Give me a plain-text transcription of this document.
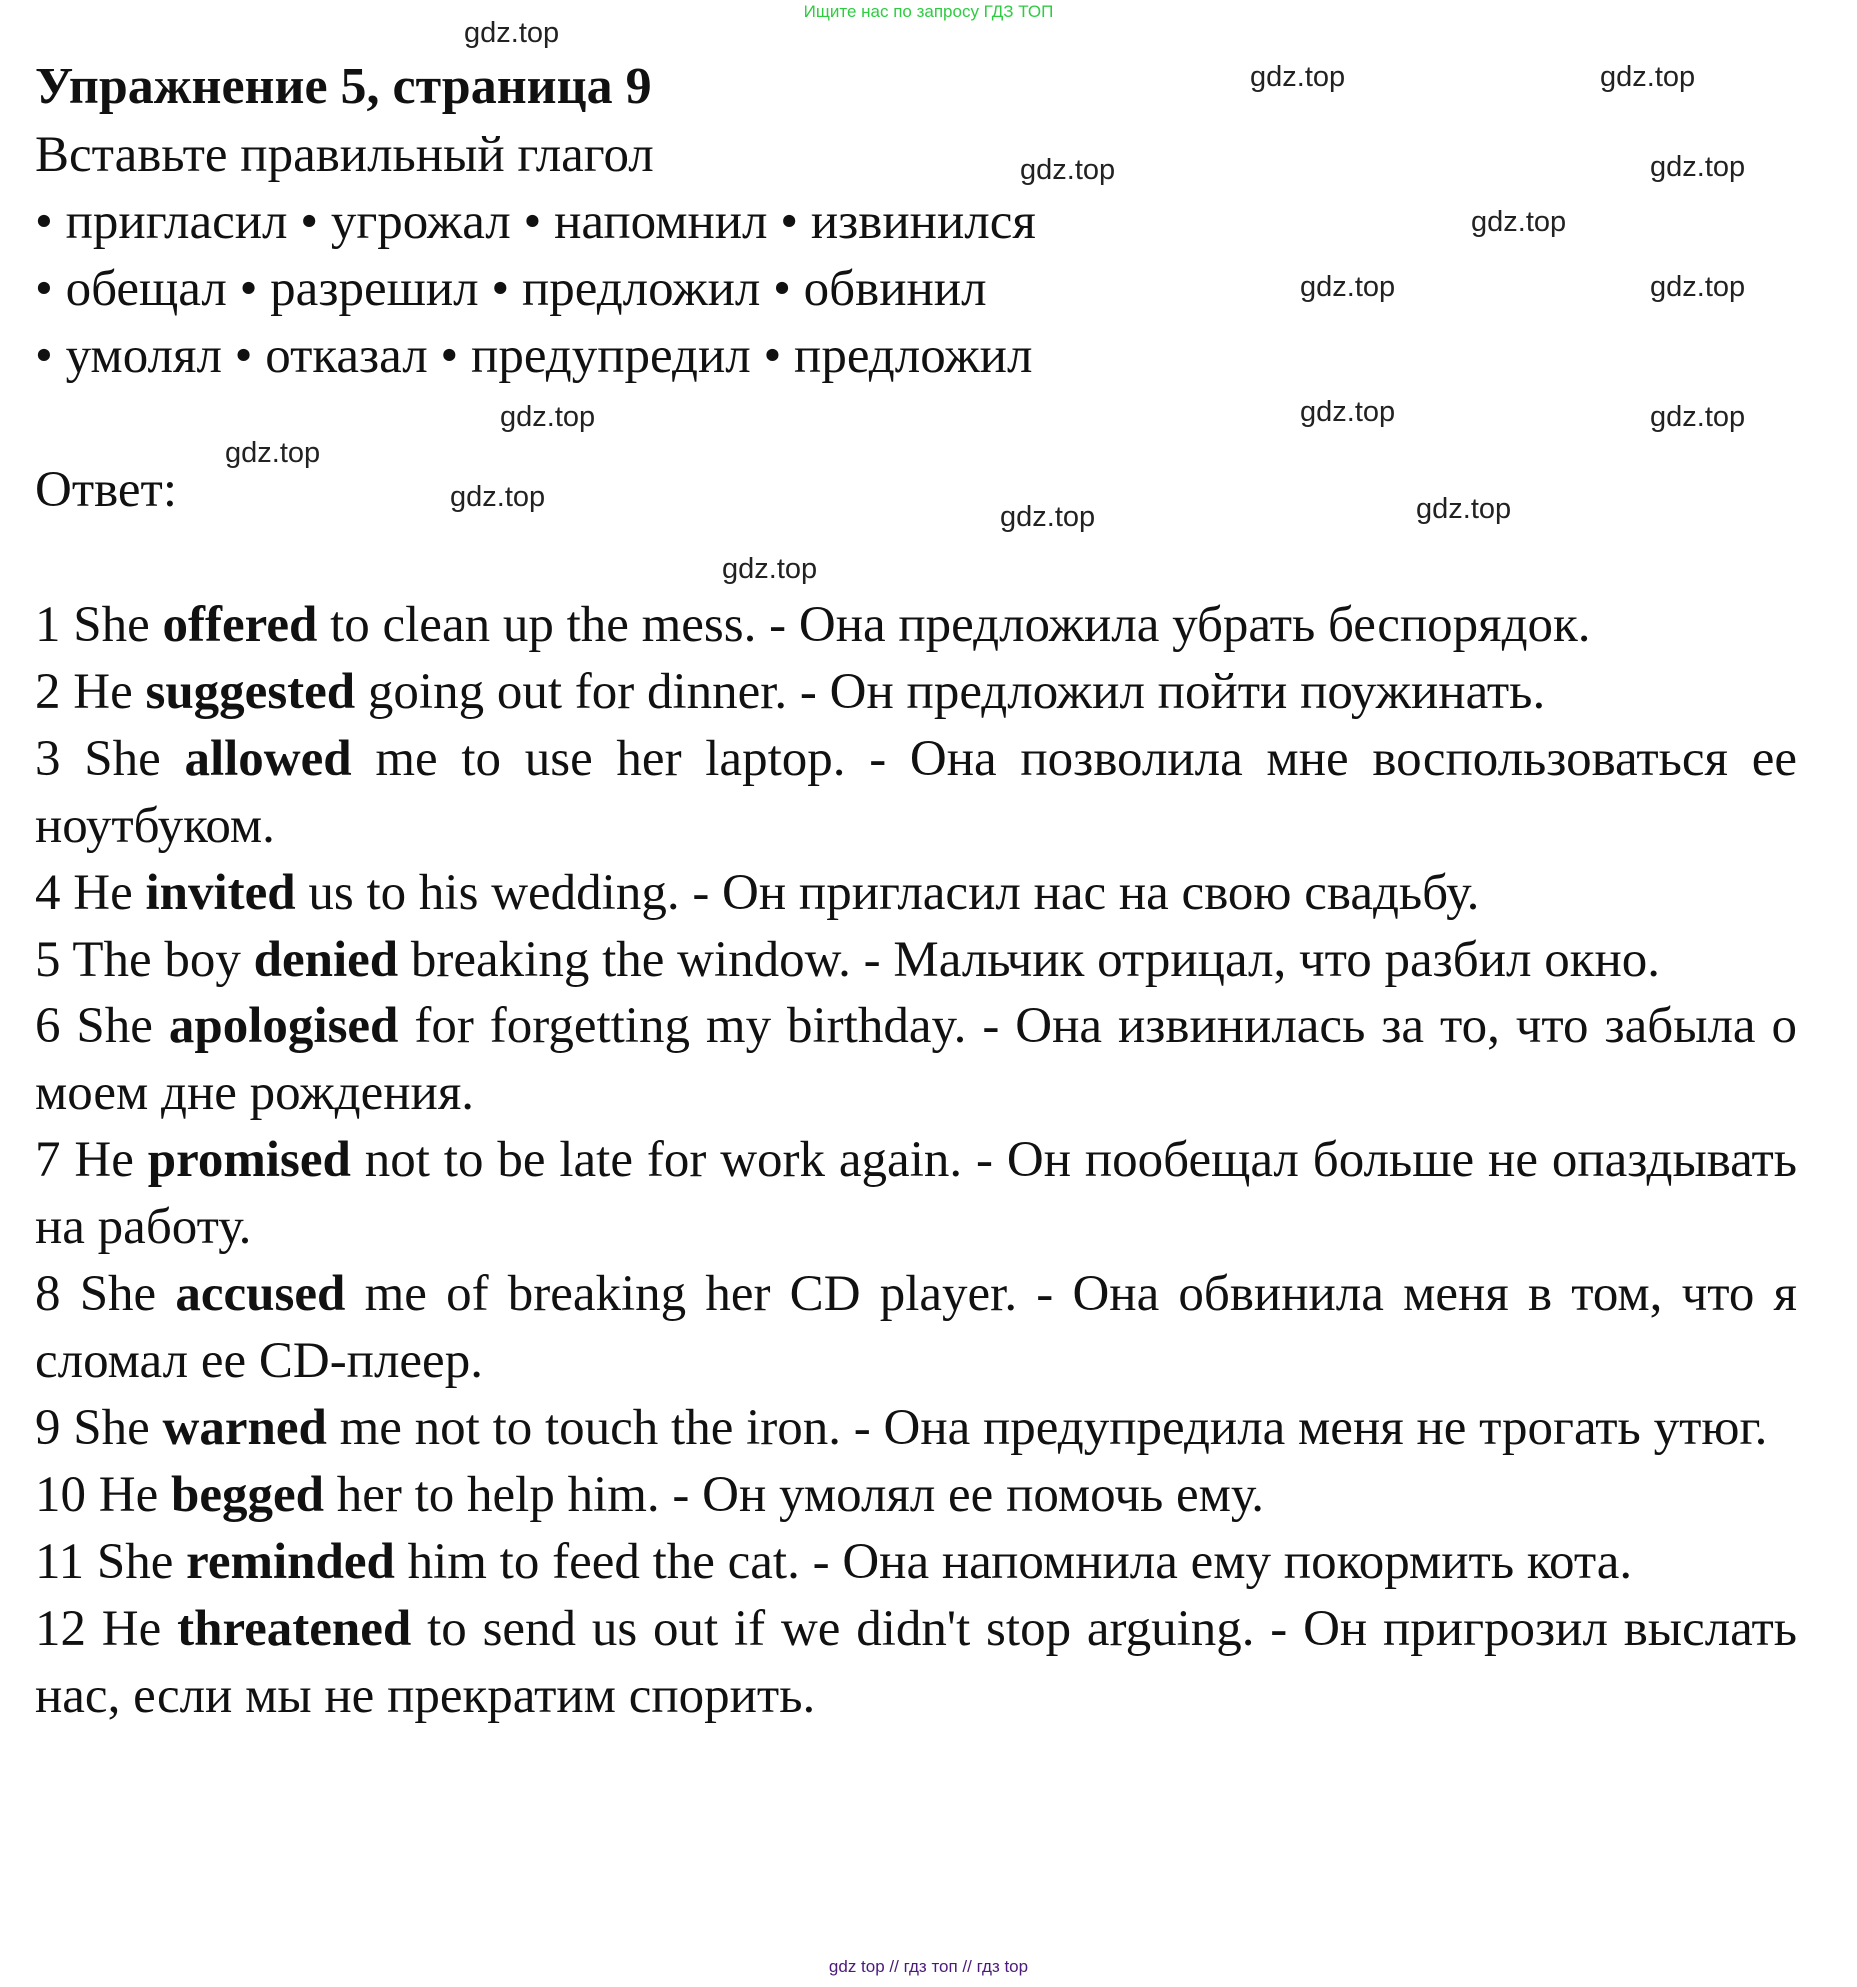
Ищите нас по запросу ГДЗ ТОП
Упражнение 5, страница 9
Вставьте правильный глагол
• пригласил • угрожал • напомнил • извинился
• обещал • разрешил • предложил • обвинил
• умолял • отказал • предупредил • предложил
Ответ:
1 She offered to clean up the mess. - Она предложила убрать беспорядок.
2 He suggested going out for dinner. - Он предложил пойти поужинать.
3 She allowed me to use her laptop. - Она позволила мне воспользоваться ее ноутбуком.
4 He invited us to his wedding. - Он пригласил нас на свою свадьбу.
5 The boy denied breaking the window. - Мальчик отрицал, что разбил окно.
6 She apologised for forgetting my birthday. - Она извинилась за то, что забыла о моем дне рождения.
7 He promised not to be late for work again. - Он пообещал больше не опаздывать на работу.
8 She accused me of breaking her CD player. - Она обвинила меня в том, что я сломал ее CD-плеер.
9 She warned me not to touch the iron. - Она предупредила меня не трогать утюг.
10 He begged her to help him. - Он умолял ее помочь ему.
11 She reminded him to feed the cat. - Она напомнила ему покормить кота.
12 He threatened to send us out if we didn't stop arguing. - Он пригрозил выслать нас, если мы не прекратим спорить.
gdz.top
gdz.top
gdz.top
gdz.top
gdz.top
gdz.top
gdz.top	gdz.top
gdz.top	gdz.top
gdz.top
gdz.top	gdz.top
gdz.top
gdz.top
gdz.top
gdz top // гдз топ // гдз top
